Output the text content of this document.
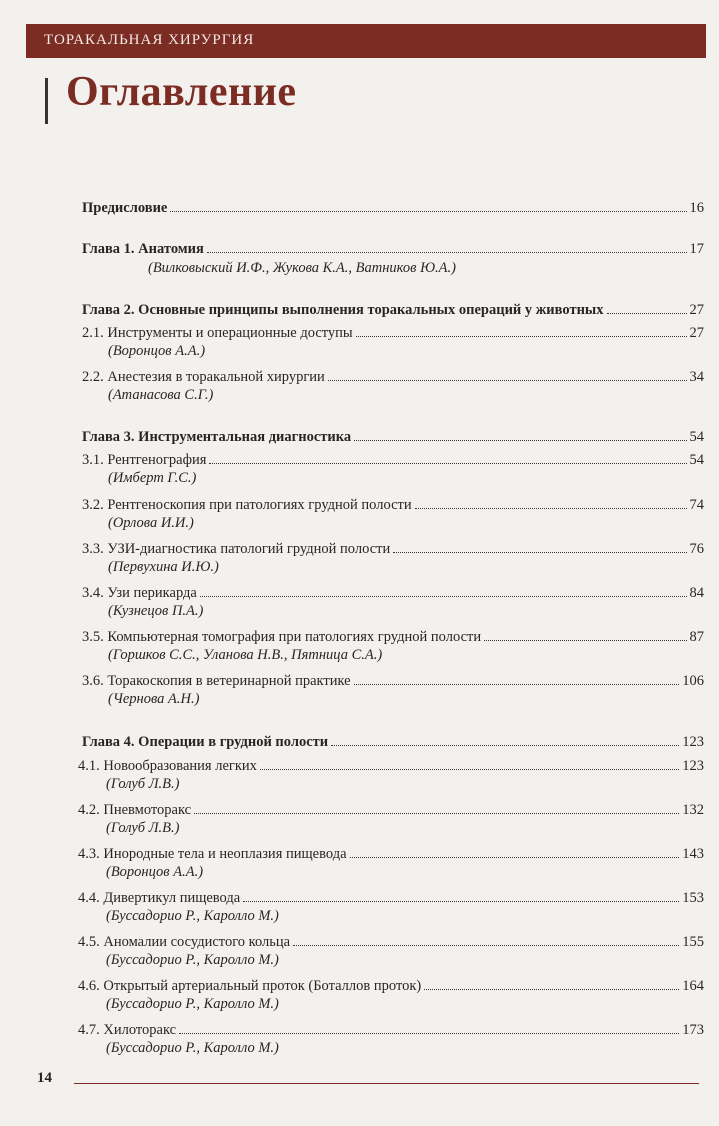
ТОРАКАЛЬНАЯ ХИРУРГИЯ
Оглавление
Предисловие	16
Глава 1. Анатомия	17
(Вилковыский И.Ф., Жукова К.А., Ватников Ю.А.)
Глава 2. Основные принципы выполнения торакальных операций у животных	27
2.1. Инструменты и операционные доступы	27
(Воронцов А.А.)
2.2. Анестезия в торакальной хирургии	34
(Атанасова С.Г.)
Глава 3. Инструментальная диагностика	54
3.1. Рентгенография	54
(Имберт Г.С.)
3.2. Рентгеноскопия при патологиях грудной полости	74
(Орлова И.И.)
3.3. УЗИ-диагностика патологий грудной полости	76
(Первухина И.Ю.)
3.4. Узи перикарда	84
(Кузнецов П.А.)
3.5. Компьютерная томография при патологиях грудной полости	87
(Горшков С.С., Уланова Н.В., Пятница С.А.)
3.6. Торакоскопия в ветеринарной практике	106
(Чернова А.Н.)
Глава 4. Операции в грудной полости	123
4.1. Новообразования легких	123
(Голуб Л.В.)
4.2. Пневмоторакс	132
(Голуб Л.В.)
4.3. Инородные тела и неоплазия пищевода	143
(Воронцов А.А.)
4.4. Дивертикул пищевода	153
(Буссадорио Р., Каролло М.)
4.5. Аномалии сосудистого кольца	155
(Буссадорио Р., Каролло М.)
4.6. Открытый артериальный проток (Боталлов проток)	164
(Буссадорио Р., Каролло М.)
4.7. Хилоторакс	173
(Буссадорио Р., Каролло М.)
14
